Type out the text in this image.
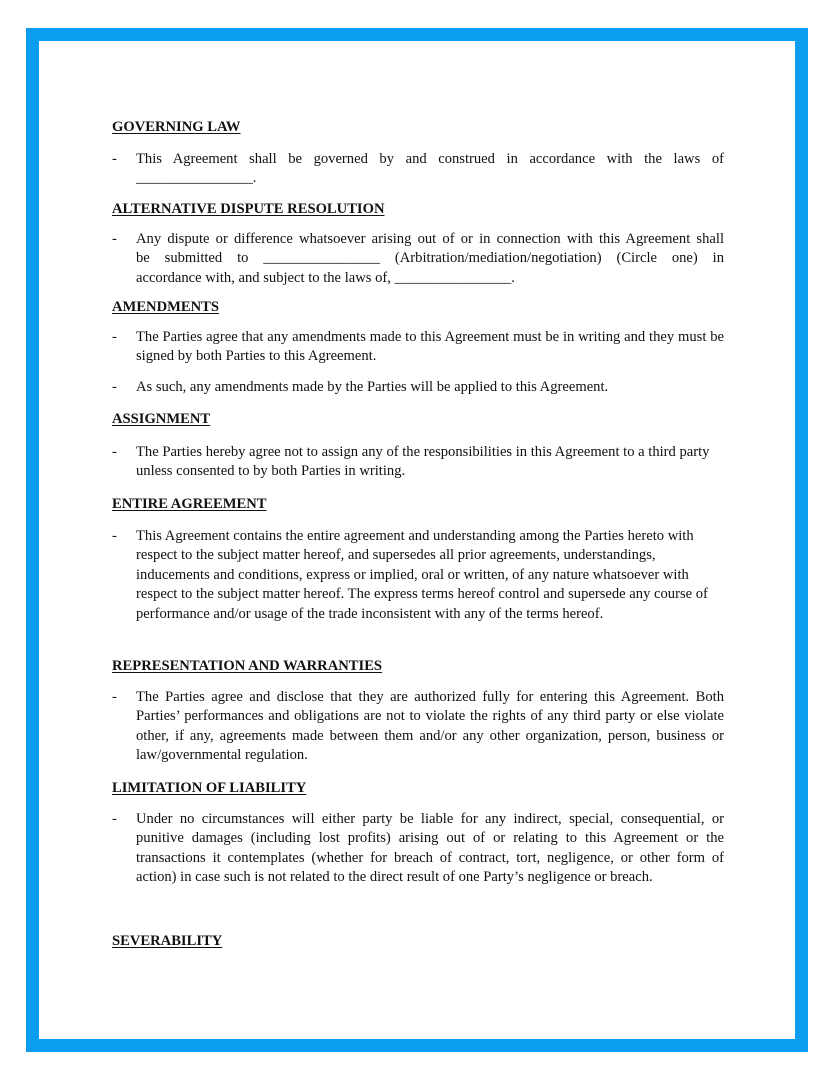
GOVERNING LAW
- This Agreement shall be governed by and construed in accordance with the laws of
________________.
ALTERNATIVE DISPUTE RESOLUTION
- Any dispute or difference whatsoever arising out of or in connection with this Agreement shall
be submitted to ________________ (Arbitration/mediation/negotiation) (Circle one) in
accordance with, and subject to the laws of, ________________.
AMENDMENTS
- The Parties agree that any amendments made to this Agreement must be in writing and they must be signed by both Parties to this Agreement.
- As such, any amendments made by the Parties will be applied to this Agreement.
ASSIGNMENT
- The Parties hereby agree not to assign any of the responsibilities in this Agreement to a third party unless consented to by both Parties in writing.
ENTIRE AGREEMENT
- This Agreement contains the entire agreement and understanding among the Parties hereto with respect to the subject matter hereof, and supersedes all prior agreements, understandings, inducements and conditions, express or implied, oral or written, of any nature whatsoever with respect to the subject matter hereof. The express terms hereof control and supersede any course of performance and/or usage of the trade inconsistent with any of the terms hereof.
REPRESENTATION AND WARRANTIES
- The Parties agree and disclose that they are authorized fully for entering this Agreement. Both Parties’ performances and obligations are not to violate the rights of any third party or else violate other, if any, agreements made between them and/or any other organization, person, business or law/governmental regulation.
LIMITATION OF LIABILITY
- Under no circumstances will either party be liable for any indirect, special, consequential, or punitive damages (including lost profits) arising out of or relating to this Agreement or the transactions it contemplates (whether for breach of contract, tort, negligence, or other form of action) in case such is not related to the direct result of one Party’s negligence or breach.
SEVERABILITY
